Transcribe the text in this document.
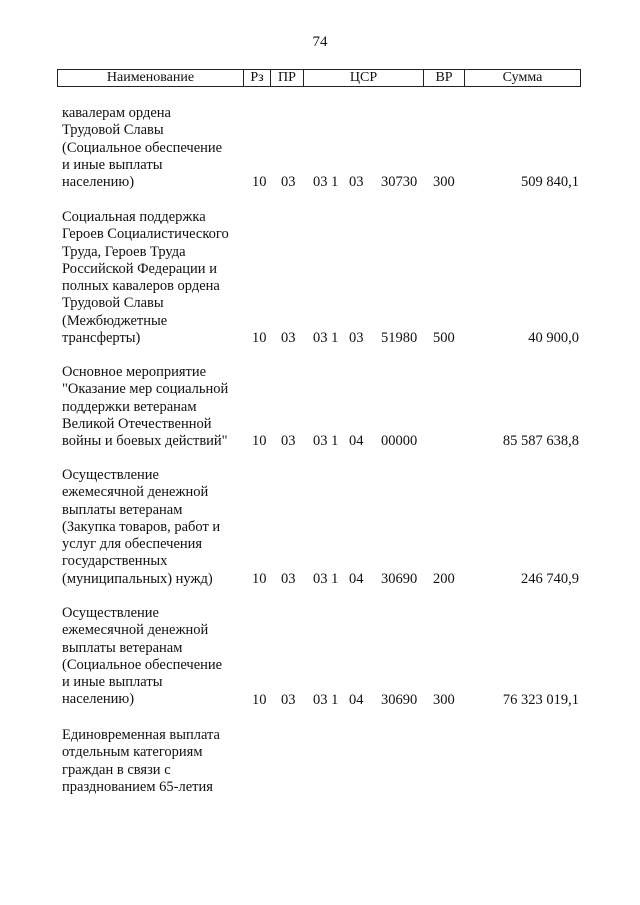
74
Наименование	Рз	ПР	ЦСР	ВР	Сумма
кавалерам ордена
Трудовой Славы
(Социальное обеспечение
и иные выплаты
населению)	10 03 03 1 03 30730 300	509 840,1
Социальная поддержка
Героев Социалистического
Труда, Героев Труда
Российской Федерации и
полных кавалеров ордена
Трудовой Славы
(Межбюджетные
трансферты)	10 03 03 1 03 51980 500	40 900,0
Основное мероприятие
"Оказание мер социальной
поддержки ветеранам
Великой Отечественной
войны и боевых действий"	10 03 03 1 04 00000	85 587 638,8
Осуществление
ежемесячной денежной
выплаты ветеранам
(Закупка товаров, работ и
услуг для обеспечения
государственных
(муниципальных) нужд)	10 03 03 1 04 30690 200	246 740,9
Осуществление
ежемесячной денежной
выплаты ветеранам
(Социальное обеспечение
и иные выплаты
населению)	10 03 03 1 04 30690 300	76 323 019,1
Единовременная выплата
отдельным категориям
граждан в связи с
празднованием 65-летия
